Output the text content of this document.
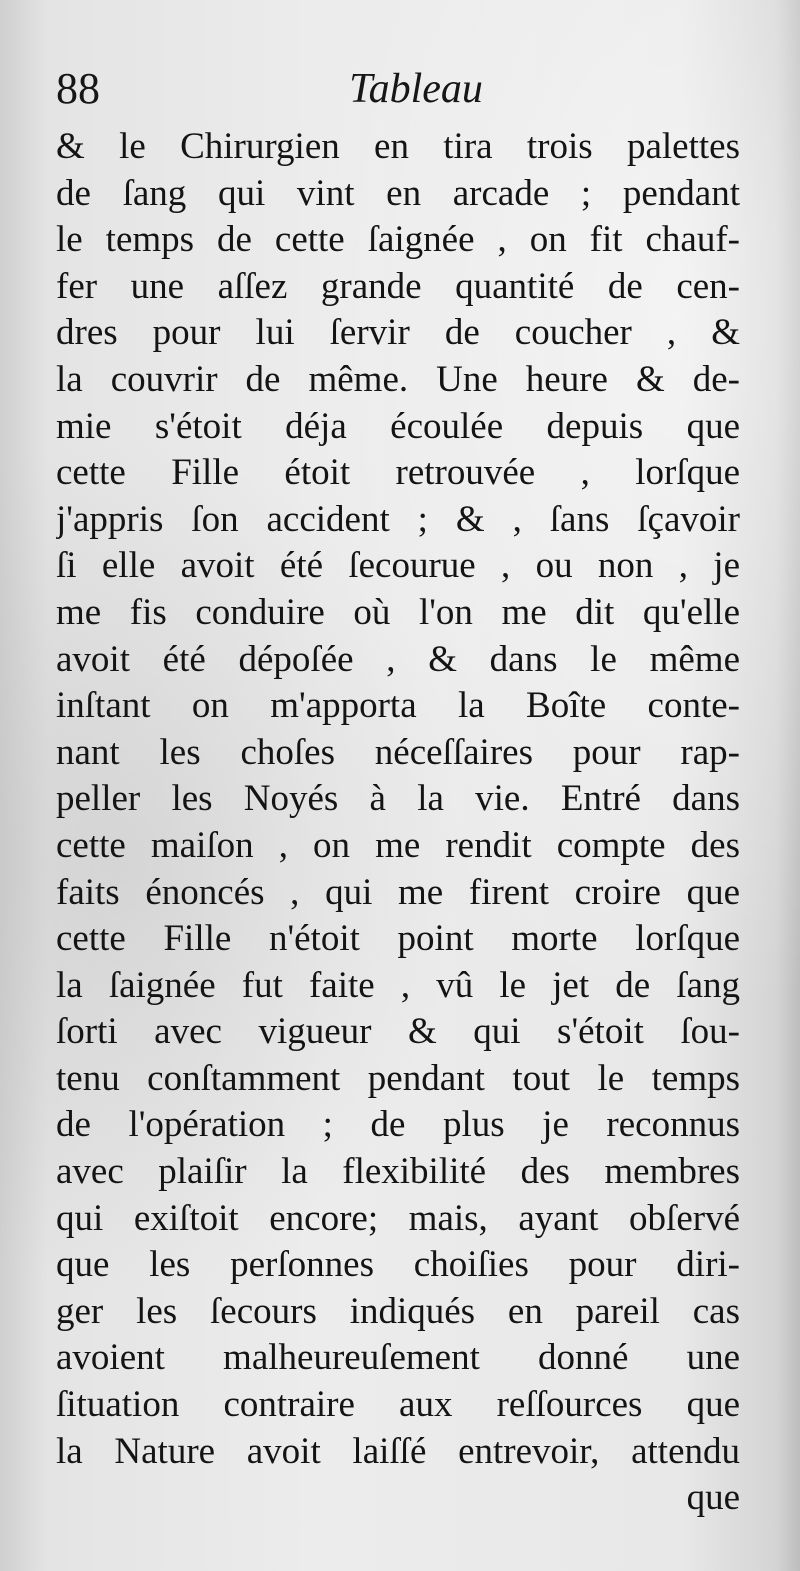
88	Tableau
& le Chirurgien en tira trois palettes
de ſang qui vint en arcade ; pendant
le temps de cette ſaignée , on fit chauf-
fer une aſſez grande quantité de cen-
dres pour lui ſervir de coucher , &
la couvrir de même. Une heure & de-
mie s'étoit déja écoulée depuis que
cette Fille étoit retrouvée , lorſque
j'appris ſon accident ; & , ſans ſçavoir
ſi elle avoit été ſecourue , ou non , je
me fis conduire où l'on me dit qu'elle
avoit été dépoſée , & dans le même
inſtant on m'apporta la Boîte conte-
nant les choſes néceſſaires pour rap-
peller les Noyés à la vie. Entré dans
cette maiſon , on me rendit compte des
faits énoncés , qui me firent croire que
cette Fille n'étoit point morte lorſque
la ſaignée fut faite , vû le jet de ſang
ſorti avec vigueur & qui s'étoit ſou-
tenu conſtamment pendant tout le temps
de l'opération ; de plus je reconnus
avec plaiſir la flexibilité des membres
qui exiſtoit encore; mais, ayant obſervé
que les perſonnes choiſies pour diri-
ger les ſecours indiqués en pareil cas
avoient malheureuſement donné une
ſituation contraire aux reſſources que
la Nature avoit laiſſé entrevoir, attendu
que
